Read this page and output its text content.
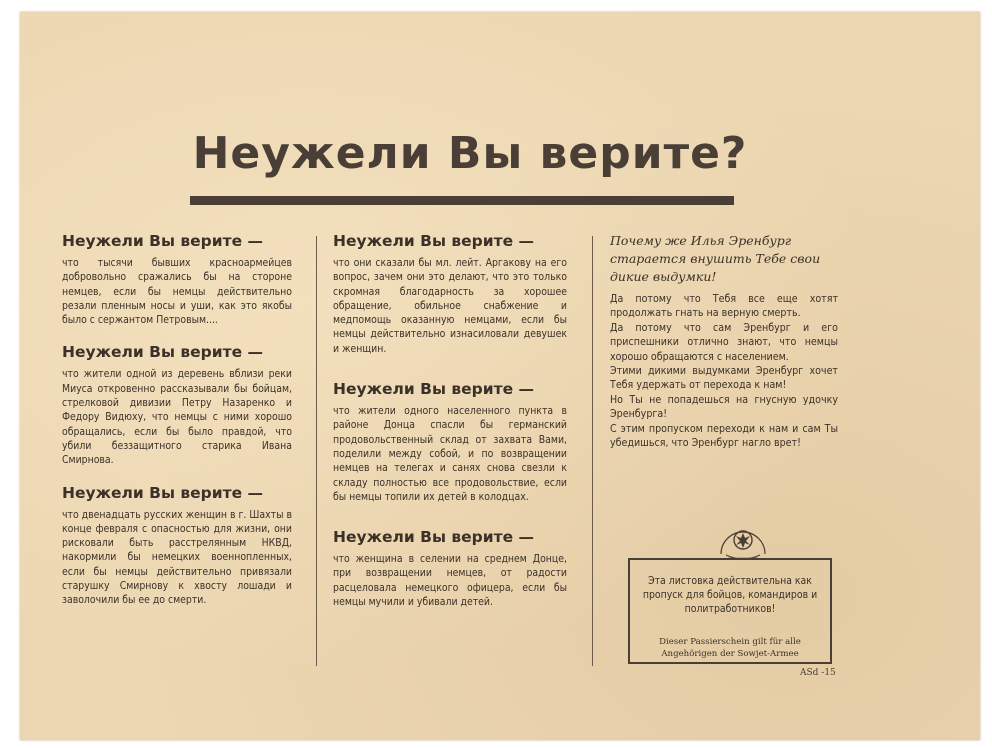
Неужели Вы верите?
Неужели Вы верите —

что тысячи бывших красноармейцев добровольно сражались бы на стороне немцев, если бы немцы действительно резали пленным носы и уши, как это якобы было с сержантом Петровым....

Неужели Вы верите —

что жители одной из деревень вблизи реки Миуса откровенно рассказывали бы бойцам, стрелковой дивизии Петру Назаренко и Федору Видюху, что немцы с ними хорошо обращались, если бы было правдой, что убили беззащитного старика Ивана Смирнова.

Неужели Вы верите —

что двенадцать русских женщин в г. Шахты в конце февраля с опасностью для жизни, они рисковали быть расстрелянным НКВД, накормили бы немецких военнопленных, если бы немцы действительно привязали старушку Смирнову к хвосту лошади и заволочили бы ее до смерти.

Неужели Вы верите —

что они сказали бы мл. лейт. Аргакову на его вопрос, зачем они это делают, что это только скромная благодарность за хорошее обращение, обильное снабжение и медпомощь оказанную немцами, если бы немцы действительно изнасиловали девушек и женщин.

Неужели Вы верите —

что жители одного населенного пункта в районе Донца спасли бы германский продовольственный склад от захвата Вами, поделили между собой, и по возвращении немцев на телегах и санях снова свезли к складу полностью все продовольствие, если бы немцы топили их детей в колодцах.

Неужели Вы верите —

что женщина в селении на среднем Донце, при возвращении немцев, от радости расцеловала немецкого офицера, если бы немцы мучили и убивали детей.

Почему же Илья Эренбург старается внушить Тебе свои дикие выдумки!

Да потому что Тебя все еще хотят продолжать гнать на верную смерть.

Да потому что сам Эренбург и его приспешники отлично знают, что немцы хорошо обращаются с населением.

Этими дикими выдумками Эренбург хочет Тебя удержать от перехода к нам!

Но Ты не попадешься на гнусную удочку Эренбурга!

С этим пропуском переходи к нам и сам Ты убедишься, что Эренбург нагло врет!

Эта листовка действительна как пропуск для бойцов, командиров и политработников!
Dieser Passierschein gilt für alle Angehörigen der Sowjet-Armee
ASd -15
